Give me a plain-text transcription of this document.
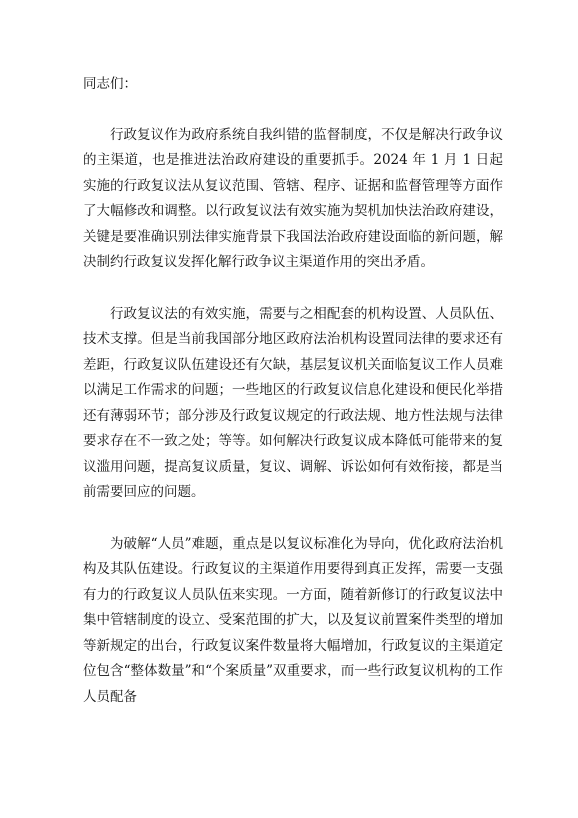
同志们：

行政复议作为政府系统自我纠错的监督制度，不仅是解决行政争议的主渠道，也是推进法治政府建设的重要抓手。2024 年 1 月 1 日起实施的行政复议法从复议范围、管辖、程序、证据和监督管理等方面作了大幅修改和调整。以行政复议法有效实施为契机加快法治政府建设，关键是要准确识别法律实施背景下我国法治政府建设面临的新问题，解决制约行政复议发挥化解行政争议主渠道作用的突出矛盾。

行政复议法的有效实施，需要与之相配套的机构设置、人员队伍、技术支撑。但是当前我国部分地区政府法治机构设置同法律的要求还有差距，行政复议队伍建设还有欠缺，基层复议机关面临复议工作人员难以满足工作需求的问题；一些地区的行政复议信息化建设和便民化举措还有薄弱环节；部分涉及行政复议规定的行政法规、地方性法规与法律要求存在不一致之处；等等。如何解决行政复议成本降低可能带来的复议滥用问题，提高复议质量，复议、调解、诉讼如何有效衔接，都是当前需要回应的问题。

为破解“人员”难题，重点是以复议标准化为导向，优化政府法治机构及其队伍建设。行政复议的主渠道作用要得到真正发挥，需要一支强有力的行政复议人员队伍来实现。一方面，随着新修订的行政复议法中集中管辖制度的设立、受案范围的扩大，以及复议前置案件类型的增加等新规定的出台，行政复议案件数量将大幅增加，行政复议的主渠道定位包含“整体数量”和“个案质量”双重要求，而一些行政复议机构的工作人员配备
